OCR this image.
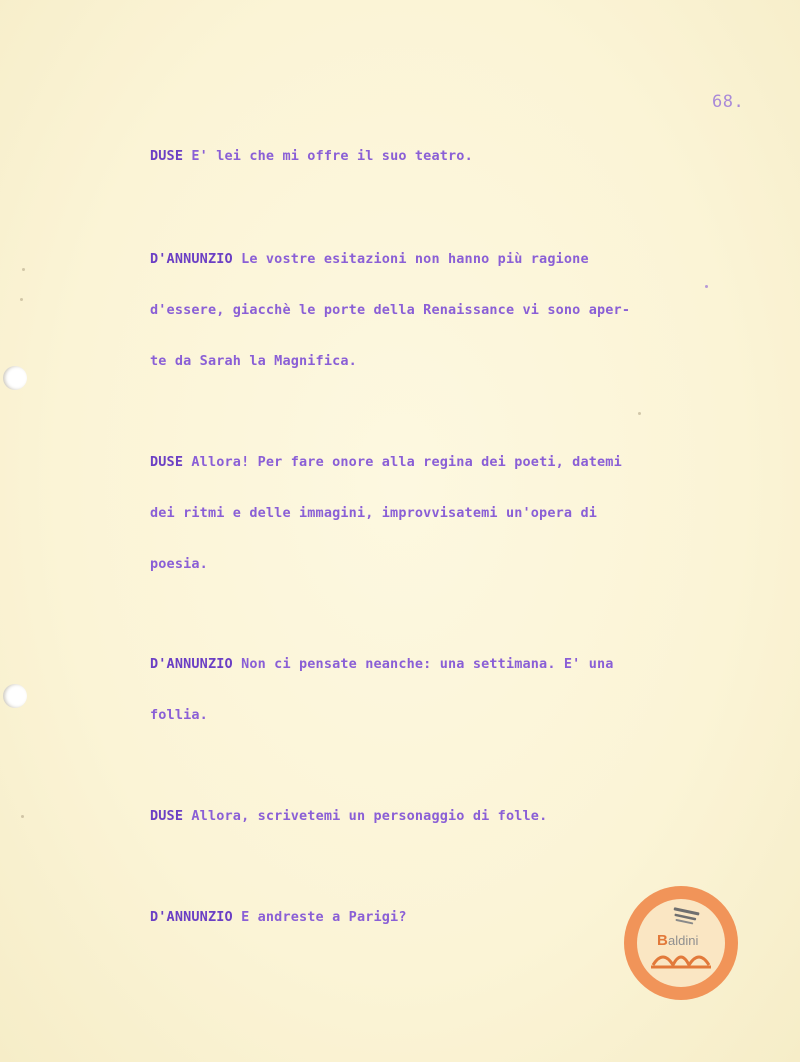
68.
DUSE E' lei che mi offre il suo teatro.
D'ANNUNZIO Le vostre esitazioni non hanno più ragione
d'essere, giacchè le porte della Renaissance vi sono aper-
te da Sarah la Magnifica.
DUSE Allora! Per fare onore alla regina dei poeti, datemi
dei ritmi e delle immagini, improvvisatemi un'opera di
poesia.
D'ANNUNZIO Non ci pensate neanche: una settimana. E' una
follia.
DUSE Allora, scrivetemi un personaggio di folle.
D'ANNUNZIO E andreste a Parigi?
B aldini
